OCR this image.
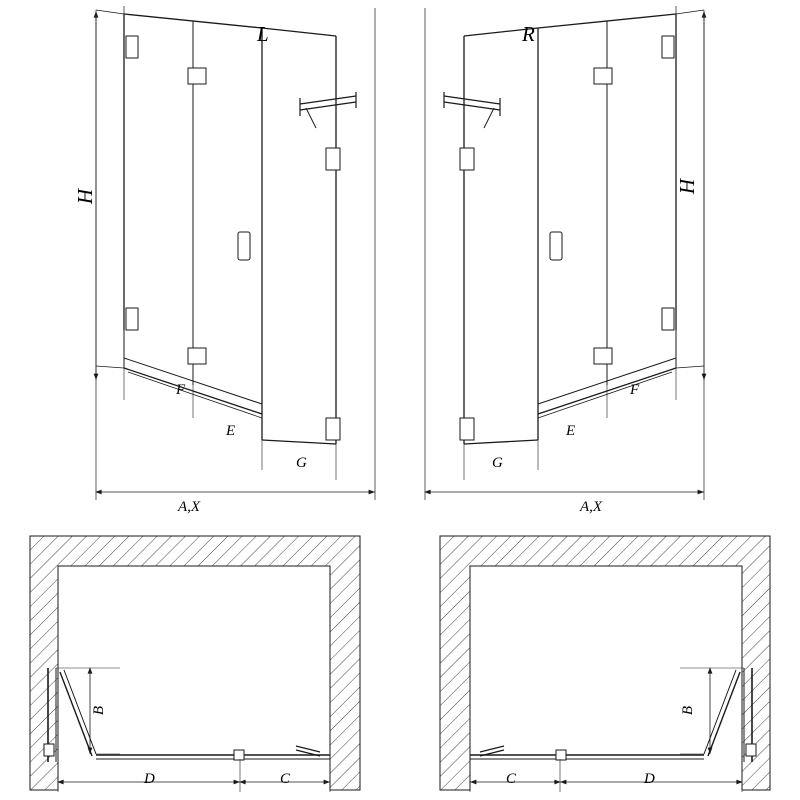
L	R
H
H
F
E
G	G
E
F
A,X	A,X
B	B
D	C	C	D
